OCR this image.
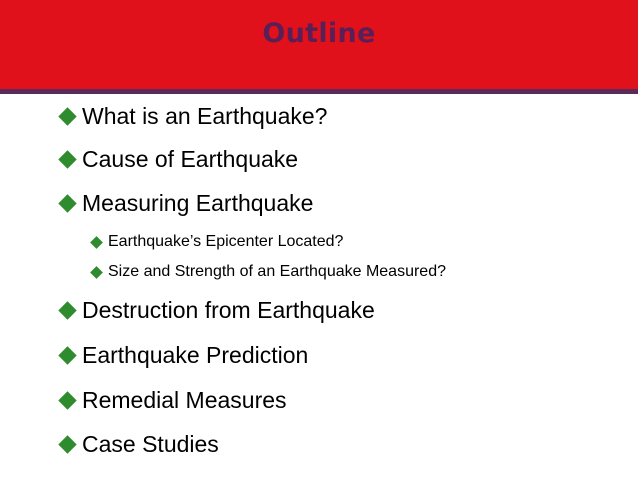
Outline
What is an Earthquake?
Cause of Earthquake
Measuring Earthquake
Earthquake’s Epicenter Located?
Size and Strength of an Earthquake Measured?
Destruction from Earthquake
Earthquake Prediction
Remedial Measures
Case Studies
